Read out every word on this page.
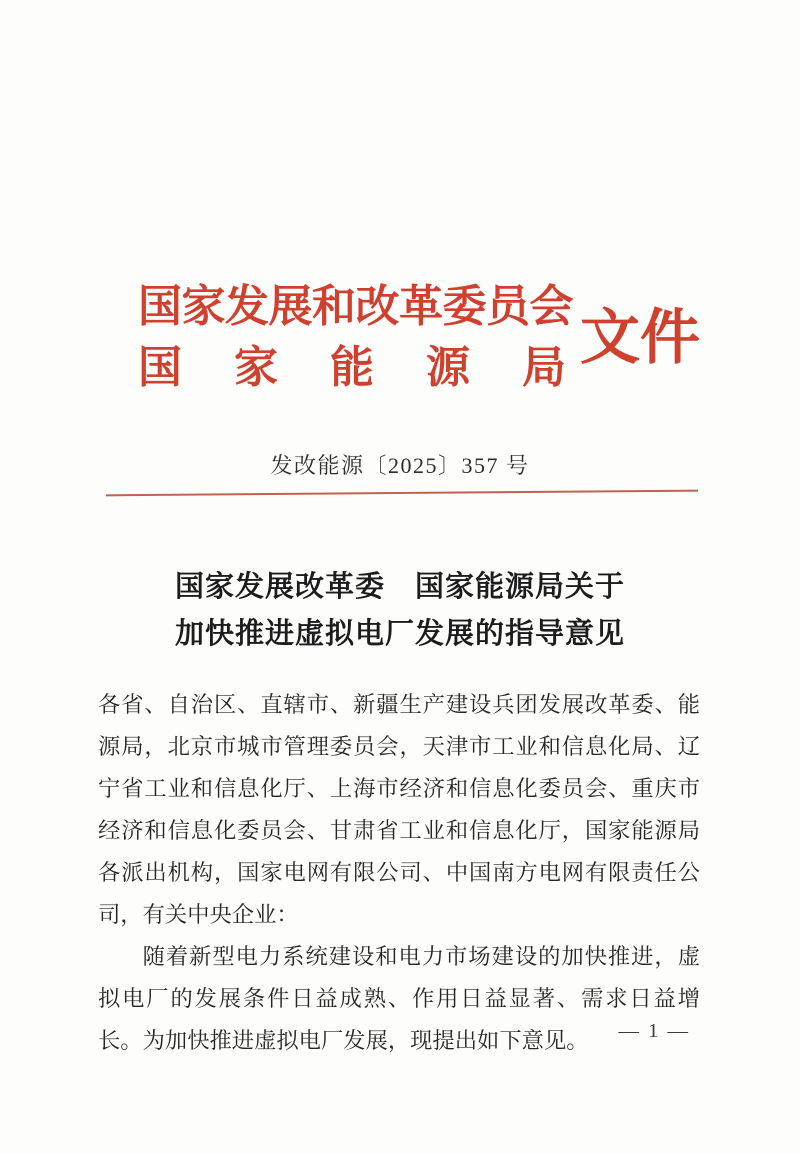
国家发展和改革委员会
国 家 能 源 局 文件
发改能源〔2025〕357 号
国家发展改革委　国家能源局关于
加快推进虚拟电厂发展的指导意见

各省、自治区、直辖市、新疆生产建设兵团发展改革委、能源局，北京市城市管理委员会，天津市工业和信息化局、辽宁省工业和信息化厅、上海市经济和信息化委员会、重庆市经济和信息化委员会、甘肃省工业和信息化厅，国家能源局各派出机构，国家电网有限公司、中国南方电网有限责任公司，有关中央企业：

随着新型电力系统建设和电力市场建设的加快推进，虚拟电厂的发展条件日益成熟、作用日益显著、需求日益增长。为加快推进虚拟电厂发展，现提出如下意见。	— 1 —
